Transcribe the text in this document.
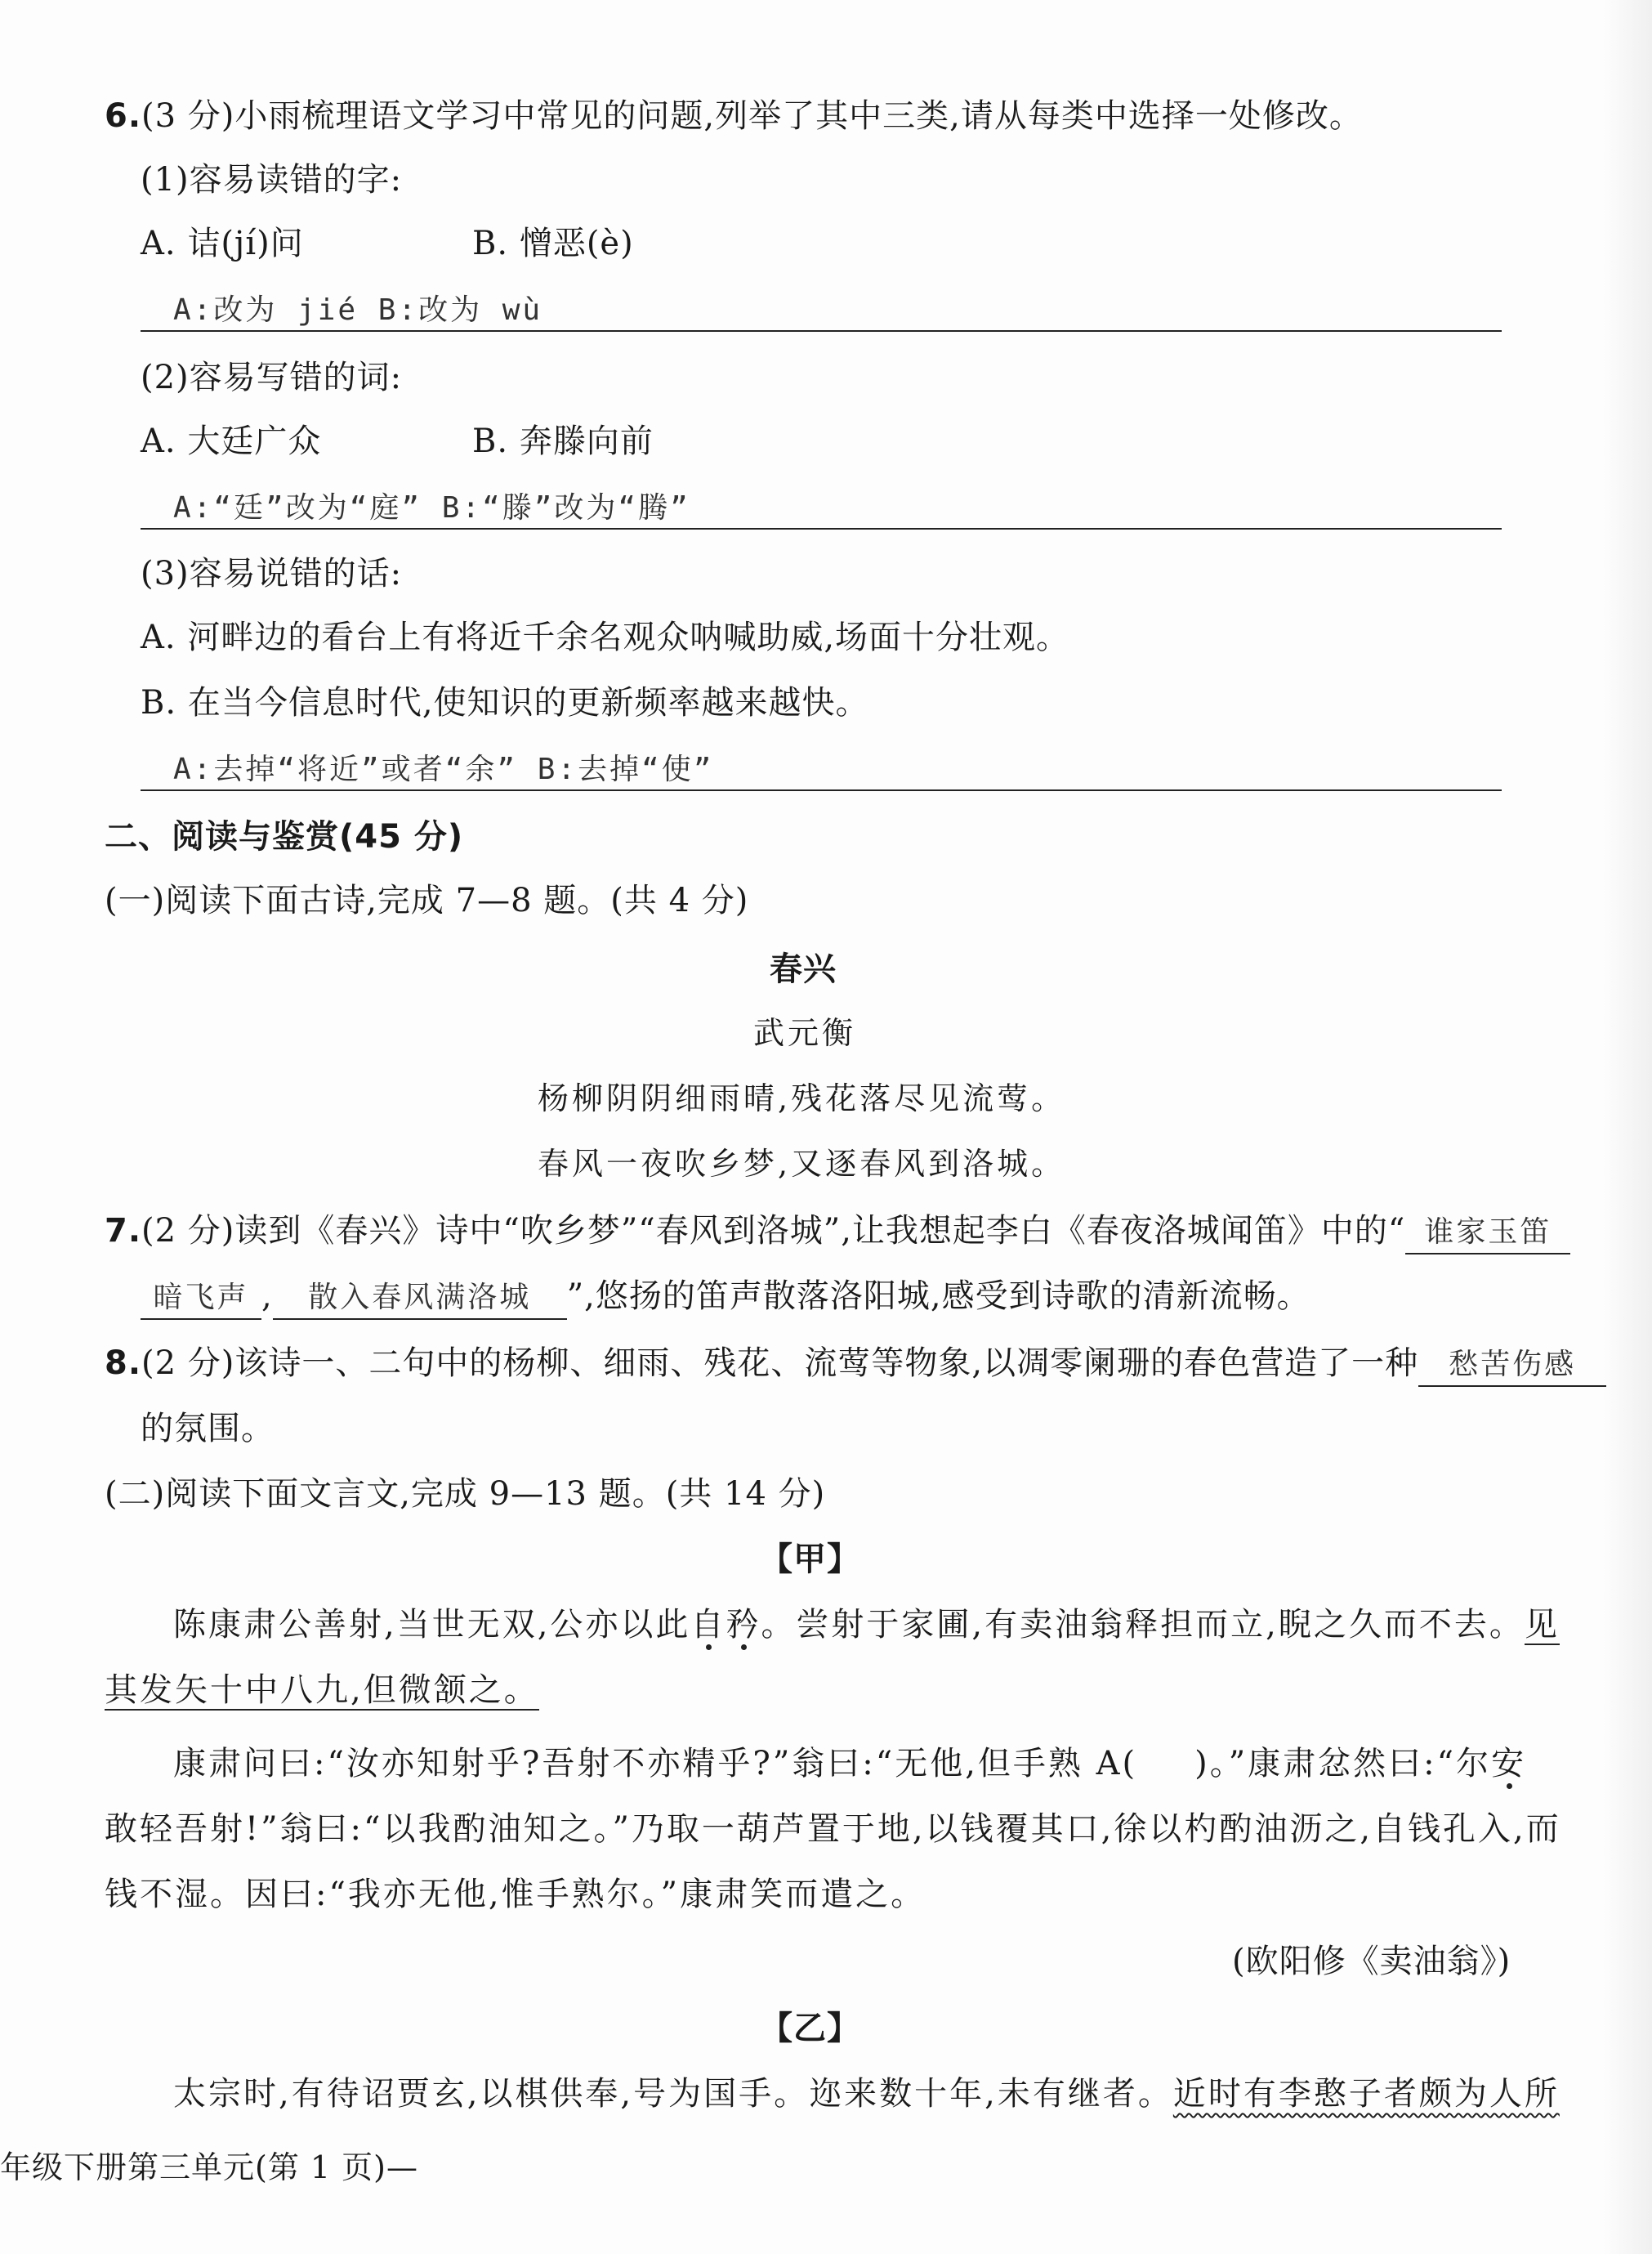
6.(3 分)小雨梳理语文学习中常见的问题,列举了其中三类,请从每类中选择一处修改。
(1)容易读错的字:
A. 诘(jí)问	B. 憎恶(è)
A:改为 jié B:改为 wù
(2)容易写错的词:
A. 大廷广众	B. 奔滕向前
A:“廷”改为“庭” B:“滕”改为“腾”
(3)容易说错的话:
A. 河畔边的看台上有将近千余名观众呐喊助威,场面十分壮观。
B. 在当今信息时代,使知识的更新频率越来越快。
A:去掉“将近”或者“余” B:去掉“使”
二、阅读与鉴赏(45 分)
(一)阅读下面古诗,完成 7—8 题。(共 4 分)
春兴
武元衡
杨柳阴阴细雨晴,残花落尽见流莺。
春风一夜吹乡梦,又逐春风到洛城。
7.(2 分)读到《春兴》诗中“吹乡梦”“春风到洛城”,让我想起李白《春夜洛城闻笛》中的“ 谁家玉笛
暗飞声 , 散入春风满洛城 ”,悠扬的笛声散落洛阳城,感受到诗歌的清新流畅。
8.(2 分)该诗一、二句中的杨柳、细雨、残花、流莺等物象,以凋零阑珊的春色营造了一种 愁苦伤感
的氛围。
(二)阅读下面文言文,完成 9—13 题。(共 14 分)
【甲】
陈康肃公善射,当世无双,公亦以此自矜。尝射于家圃,有卖油翁释担而立,睨之久而不去。见
其发矢十中八九,但微颔之。
康肃问曰:“汝亦知射乎?吾射不亦精乎?”翁曰:“无他,但手熟 A( )。”康肃忿然曰:“尔安
敢轻吾射!”翁曰:“以我酌油知之。”乃取一葫芦置于地,以钱覆其口,徐以杓酌油沥之,自钱孔入,而
钱不湿。因曰:“我亦无他,惟手熟尔。”康肃笑而遣之。
(欧阳修《卖油翁》)
【乙】
太宗时,有待诏贾玄,以棋供奉,号为国手。迩来数十年,未有继者。近时有李憨子者颇为人所
年级下册第三单元(第 1 页)—
